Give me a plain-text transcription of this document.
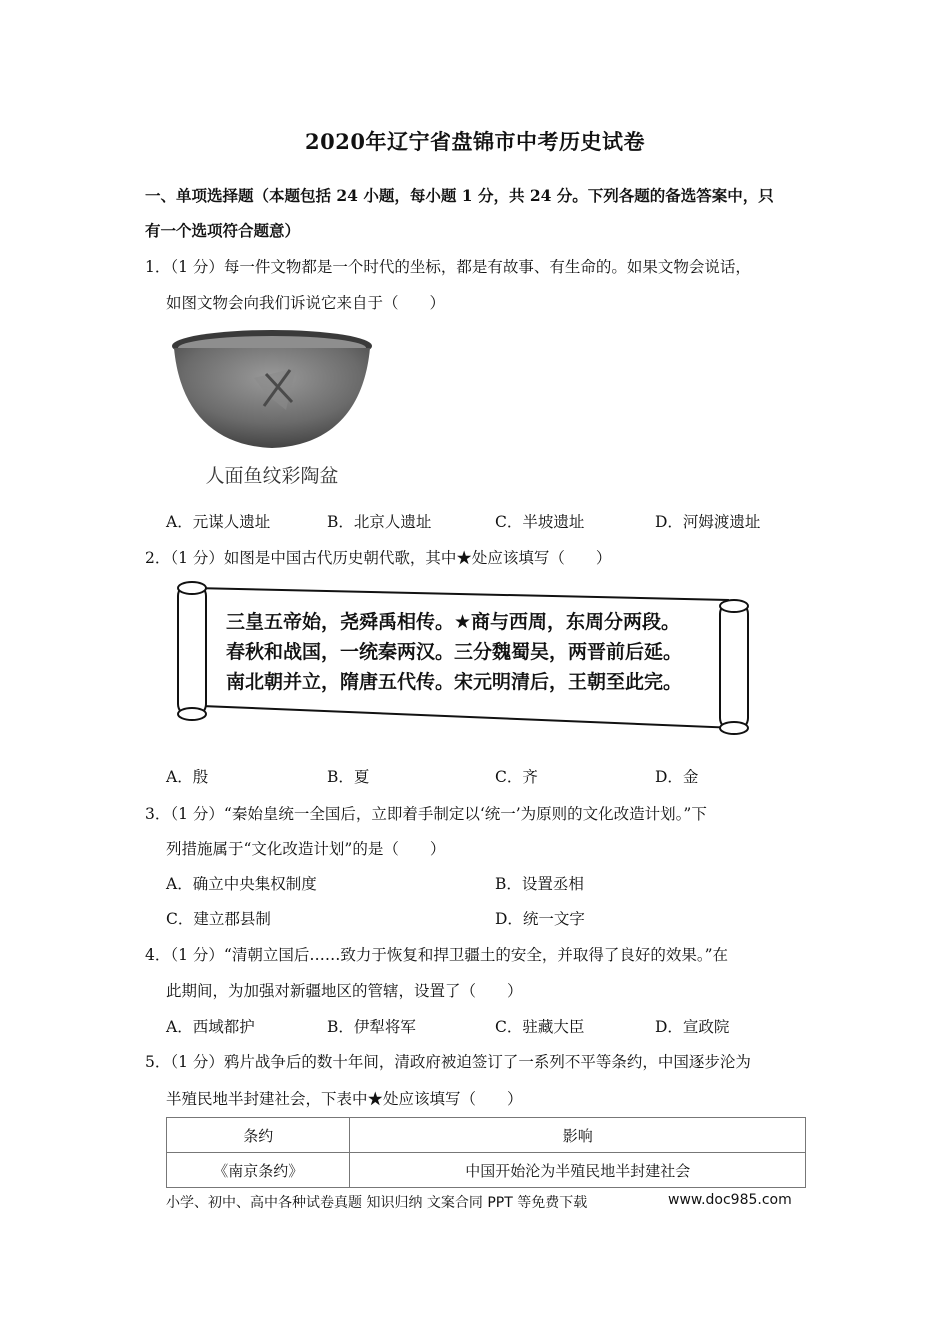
2020年辽宁省盘锦市中考历史试卷
一、单项选择题（本题包括 24 小题，每小题 1 分，共 24 分。下列各题的备选答案中，只
有一个选项符合题意）
1．（1 分）每一件文物都是一个时代的坐标，都是有故事、有生命的。如果文物会说话，
如图文物会向我们诉说它来自于（　　）
人面鱼纹彩陶盆
A．元谋人遗址	B．北京人遗址	C．半坡遗址	D．河姆渡遗址
2．（1 分）如图是中国古代历史朝代歌，其中★处应该填写（　　）
三皇五帝始，尧舜禹相传。★商与西周，东周分两段。
春秋和战国，一统秦两汉。三分魏蜀吴，两晋前后延。
南北朝并立，隋唐五代传。宋元明清后，王朝至此完。
A．殷	B．夏	C．齐	D．金
3．（1 分）“秦始皇统一全国后，立即着手制定以‘统一’为原则的文化改造计划。”下
列措施属于“文化改造计划”的是（　　）
A．确立中央集权制度	B．设置丞相
C．建立郡县制	D．统一文字
4．（1 分）“清朝立国后……致力于恢复和捍卫疆土的安全，并取得了良好的效果。”在
此期间，为加强对新疆地区的管辖，设置了（　　）
A．西域都护	B．伊犁将军	C．驻藏大臣	D．宣政院
5．（1 分）鸦片战争后的数十年间，清政府被迫签订了一系列不平等条约，中国逐步沦为
半殖民地半封建社会，下表中★处应该填写（　　）
条约	影响
《南京条约》	中国开始沦为半殖民地半封建社会
小学、初中、高中各种试卷真题 知识归纳 文案合同 PPT 等免费下载	www.doc985.com
